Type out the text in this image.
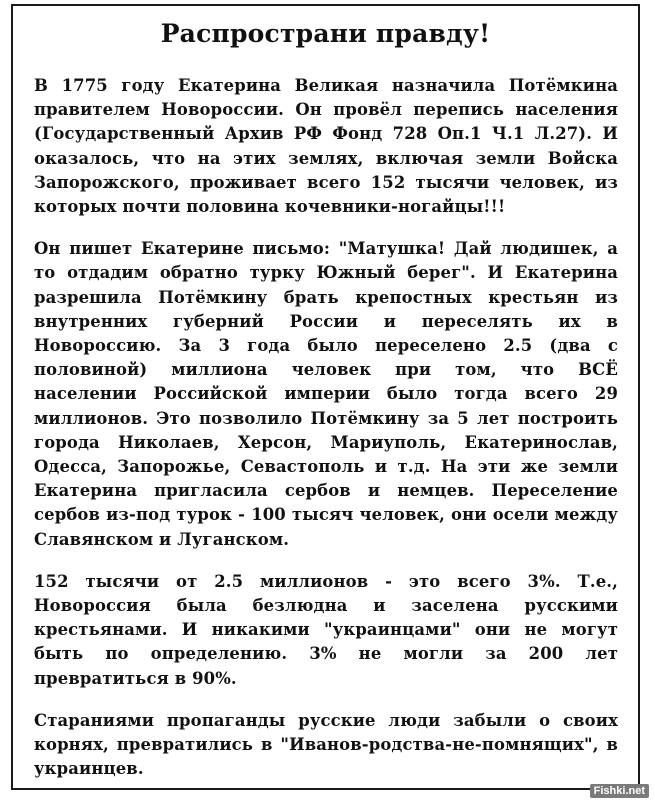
Распространи правду!

В 1775 году Екатерина Великая назначила Потёмкина правителем Новороссии. Он провёл перепись населения (Государственный Архив РФ Фонд 728 Оп.1 Ч.1 Л.27). И оказалось, что на этих землях, включая земли Войска Запорожского, проживает всего 152 тысячи человек, из которых почти половина кочевники-ногайцы!!!

Он пишет Екатерине письмо: "Матушка! Дай людишек, а то отдадим обратно турку Южный берег". И Екатерина разрешила Потёмкину брать крепостных крестьян из внутренних губерний России и переселять их в Новороссию. За 3 года было переселено 2.5 (два с половиной) миллиона человек при том, что ВСЁ населении Российской империи было тогда всего 29 миллионов. Это позволило Потёмкину за 5 лет построить города Николаев, Херсон, Мариуполь, Екатеринослав, Одесса, Запорожье, Севастополь и т.д. На эти же земли Екатерина пригласила сербов и немцев. Переселение сербов из-под турок - 100 тысяч человек, они осели между Славянском и Луганском.

152 тысячи от 2.5 миллионов - это всего 3%. Т.е., Новороссия была безлюдна и заселена русскими крестьянами. И никакими "украинцами" они не могут быть по определению. 3% не могли за 200 лет превратиться в 90%.

Стараниями пропаганды русские люди забыли о своих корнях, превратились в "Иванов-родства-не-помнящих", в украинцев.

Fishki.net
